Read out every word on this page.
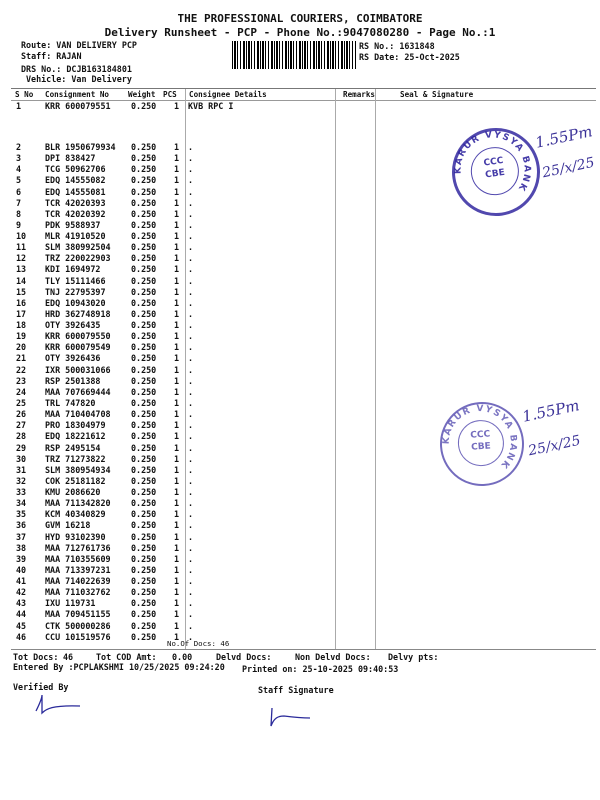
THE PROFESSIONAL COURIERS, COIMBATORE
Delivery Runsheet - PCP - Phone No.:9047080280 - Page No.:1
Route: VAN DELIVERY PCP
Staff: RAJAN
DRS No.: DCJB163184801
Vehicle: Van Delivery
RS No.: 1631848
RS Date: 25-Oct-2025
S No Consignment No Weight PCS Consignee Details	Remarks	Seal & Signature
1	KRR 600079551 0.250 1 KVB RPC I
2	BLR 1950679934 0.250 1 .
3	DPI 838427	0.250 1 .
4	TCG 50962706	0.250 1 .
5	EDQ 14555082	0.250 1 .
6	EDQ 14555081	0.250 1 .
7	TCR 42020393	0.250 1 .
8	TCR 42020392	0.250 1 .
9	PDK 9588937	0.250 1 .
10 MLR 41910520	0.250 1 .
11 SLM 380992504 0.250 1 .
12 TRZ 220022903 0.250 1 .
13 KDI 1694972	0.250 1 .
14 TLY 15111466	0.250 1 .
15 TNJ 22795397	0.250 1 .
16 EDQ 10943020	0.250 1 .
17 HRD 362748918 0.250 1 .
18 OTY 3926435	0.250 1 .
19 KRR 600079550 0.250 1 .
20 KRR 600079549 0.250 1 .
21 OTY 3926436	0.250 1 .
22 IXR 500031066 0.250 1 .
23 RSP 2501388	0.250 1 .
24 MAA 707669444 0.250 1 .
25 TRL 747820	0.250 1 .
26 MAA 710404708 0.250 1 .
27 PRO 18304979	0.250 1 .
28 EDQ 18221612	0.250 1 .
29 RSP 2495154	0.250 1 .
30 TRZ 71273822	0.250 1 .
31 SLM 380954934 0.250 1 .
32 COK 25181182	0.250 1 .
33 KMU 2086620	0.250 1 .
34 MAA 711342820 0.250 1 .
35 KCM 40340829	0.250 1 .
36 GVM 16218	0.250 1 .
37 HYD 93102390	0.250 1 .
38 MAA 712761736 0.250 1 .
39 MAA 710355609 0.250 1 .
40 MAA 713397231 0.250 1 .
41 MAA 714022639 0.250 1 .
42 MAA 711032762 0.250 1 .
43 IXU 119731	0.250 1 .
44 MAA 709451155 0.250 1 .
45 CTK 500000286 0.250 1 .
46 CCU 101519576 0.250 1 .
No.Of Docs: 46
KARUR VYSYA BANK
CCC
CBE
1.55Pm
25/x/25
KARUR VYSYA BANK
CCC
CBE
1.55Pm
25/x/25
Tot Docs: 46	Tot COD Amt: 0.00	Delvd Docs:	Non Delvd Docs: Delvy pts:
Entered By :PCPLAKSHMI 10/25/2025 09:24:20 Printed on: 25-10-2025 09:40:53
Verified By	Staff Signature
